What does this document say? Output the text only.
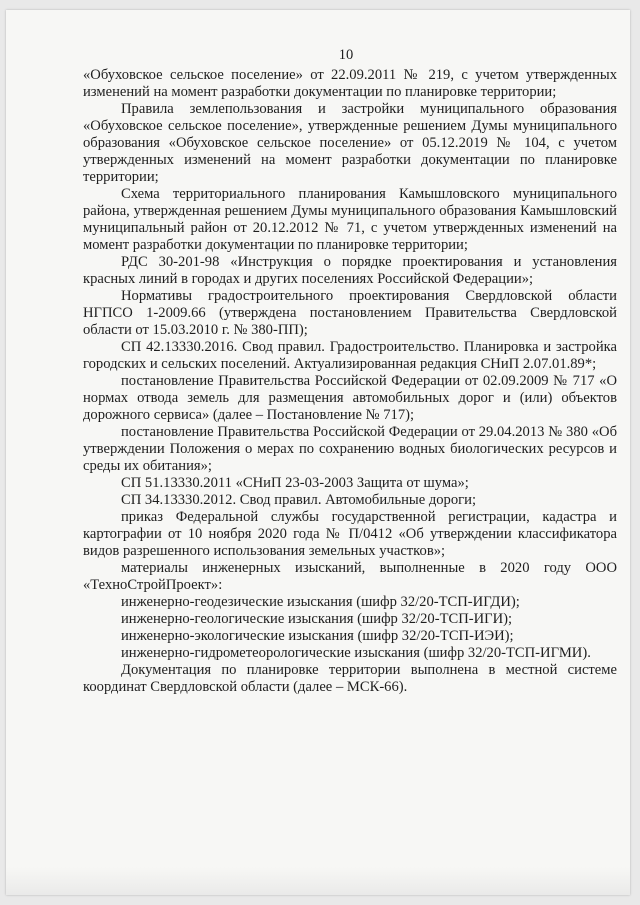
10

«Обуховское сельское поселение» от 22.09.2011 № 219, с учетом утвержденных изменений на момент разработки документации по планировке территории;

Правила землепользования и застройки муниципального образования «Обуховское сельское поселение», утвержденные решением Думы муниципального образования «Обуховское сельское поселение» от 05.12.2019 № 104, с учетом утвержденных изменений на момент разработки документации по планировке территории;

Схема территориального планирования Камышловского муниципального района, утвержденная решением Думы муниципального образования Камышловский муниципальный район от 20.12.2012 № 71, с учетом утвержденных изменений на момент разработки документации по планировке территории;

РДС 30-201-98 «Инструкция о порядке проектирования и установления красных линий в городах и других поселениях Российской Федерации»;

Нормативы градостроительного проектирования Свердловской области НГПСО 1-2009.66 (утверждена постановлением Правительства Свердловской области от 15.03.2010 г. № 380-ПП);

СП 42.13330.2016. Свод правил. Градостроительство. Планировка и застройка городских и сельских поселений. Актуализированная редакция СНиП 2.07.01.89*;

постановление Правительства Российской Федерации от 02.09.2009 № 717 «О нормах отвода земель для размещения автомобильных дорог и (или) объектов дорожного сервиса» (далее – Постановление № 717);

постановление Правительства Российской Федерации от 29.04.2013 № 380 «Об утверждении Положения о мерах по сохранению водных биологических ресурсов и среды их обитания»;

СП 51.13330.2011 «СНиП 23-03-2003 Защита от шума»;

СП 34.13330.2012. Свод правил. Автомобильные дороги;

приказ Федеральной службы государственной регистрации, кадастра и картографии от 10 ноября 2020 года № П/0412 «Об утверждении классификатора видов разрешенного использования земельных участков»;

материалы инженерных изысканий, выполненные в 2020 году ООО «ТехноСтройПроект»:

инженерно-геодезические изыскания (шифр 32/20-ТСП-ИГДИ);

инженерно-геологические изыскания (шифр 32/20-ТСП-ИГИ);

инженерно-экологические изыскания (шифр 32/20-ТСП-ИЭИ);

инженерно-гидрометеорологические изыскания (шифр 32/20-ТСП-ИГМИ).

Документация по планировке территории выполнена в местной системе координат Свердловской области (далее – МСК-66).
